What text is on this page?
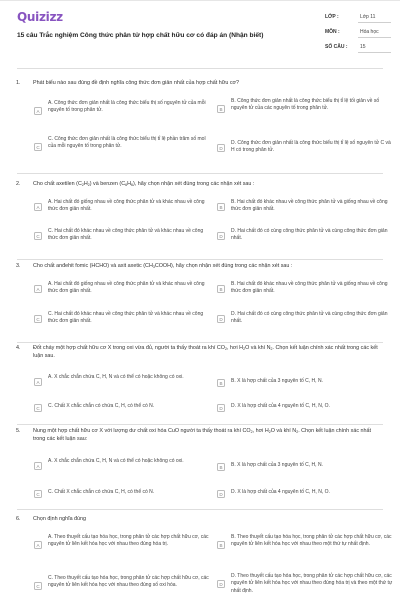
Quizizz
15 câu Trắc nghiệm Công thức phân tử hợp chất hữu cơ có đáp án (Nhận biết)
LỚP :	Lớp 11
MÔN :	Hóa học
SỐ CÂU :	15
1. Phát biểu nào sau đúng đề định nghĩa công thức đơn giản nhất của hợp chất hữu cơ?
A
A. Công thức đơn giản nhất là công thức biểu thị số nguyên tử của mỗi nguyên tố trong phân tử.	B
B. Công thức đơn giản nhất là công thức biểu thị tỉ lệ tối giản về số nguyên tử của các nguyên tố trong phân tử.
C
C. Công thức đơn giản nhất là công thức biểu thị tỉ lệ phần trăm số mol của mỗi nguyên tố trong phân tử.	D
D. Công thức đơn giản nhất là công thức biểu thị tỉ lệ số nguyên tử C và H có trong phân tử.
2. Cho chất axetilen $(C_2H_2)$ và benzen $(C_6H_6)$, hãy chọn nhận xét đúng trong các nhận xét sau :
A
A. Hai chất đó giống nhau về công thức phân tử và khác nhau về công thức đơn giản nhất.	B
B. Hai chất đó khác nhau về công thức phân tử và giống nhau về công thức đơn giản nhất.
C
C. Hai chất đó khác nhau về công thức phân tử và khác nhau về công thức đơn giản nhất.	D
D. Hai chất đó có cùng công thức phân tử và cùng công thức đơn giản nhất.
3. Cho chất anđehit fomic (HCHO) và axit axetic $(CH_3COOH)$, hãy chọn nhận xét đúng trong các nhận xét sau :
A
A. Hai chất đó giống nhau về công thức phân tử và khác nhau về công thức đơn giản nhất.	B
B. Hai chất đó khác nhau về công thức phân tử và giống nhau về công thức đơn giản nhất.
C
C. Hai chất đó khác nhau về công thức phân tử và khác nhau về công thức đơn giản nhất.	D
D. Hai chất đó có cùng công thức phân tử và cùng công thức đơn giản nhất.
4. Đốt cháy một hợp chất hữu cơ X trong oxi vừa đủ, người ta thấy thoát ra khí $CO_2$, hơi $H_2O$ và khí $N_2$. Chọn kết luận chính xác nhất trong các kết luận sau.
A
A. X chắc chắn chứa C, H, N và có thể có hoặc không có oxi.
B	B. X là hợp chất của 3 nguyên tố C, H, N.
C	C. Chất X chắc chắn có chứa C, H, có thể có N.	D	D. X là hợp chất của 4 nguyên tố C, H, N, O.
5. Nung một hợp chất hữu cơ X với lượng dư chất oxi hóa CuO người ta thấy thoát ra khí $CO_2$, hơi $H_2O$ và khí $N_2$. Chọn kết luận chính xác nhất trong các kết luận sau:
A
A. X chắc chắn chứa C, H, N và có thể có hoặc không có oxi.
B	B. X là hợp chất của 3 nguyên tố C, H, N.
C	C. Chất X chắc chắn có chứa C, H, có thể có N.	D	D. X là hợp chất của 4 nguyên tố C, H, N, O.
6. Chọn định nghĩa đúng
A
A. Theo thuyết cấu tạo hóa học, trong phân tử các hợp chất hữu cơ, các nguyên tử liên kết hóa học với nhau theo đúng hóa trị.	B
B. Theo thuyết cấu tạo hóa học, trong phân tử các hợp chất hữu cơ, các nguyên tử liên kết hóa học với nhau theo một thứ tự nhất định.
C
C. Theo thuyết cấu tạo hóa học, trong phân tử các hợp chất hữu cơ, các nguyên tử liên kết hóa học với nhau theo đúng số oxi hóa.	D
D. Theo thuyết cấu tạo hóa học, trong phân tử các hợp chất hữu cơ, các nguyên tử liên kết hóa học với nhau theo đúng hóa trị và theo một thứ tự nhất định.
